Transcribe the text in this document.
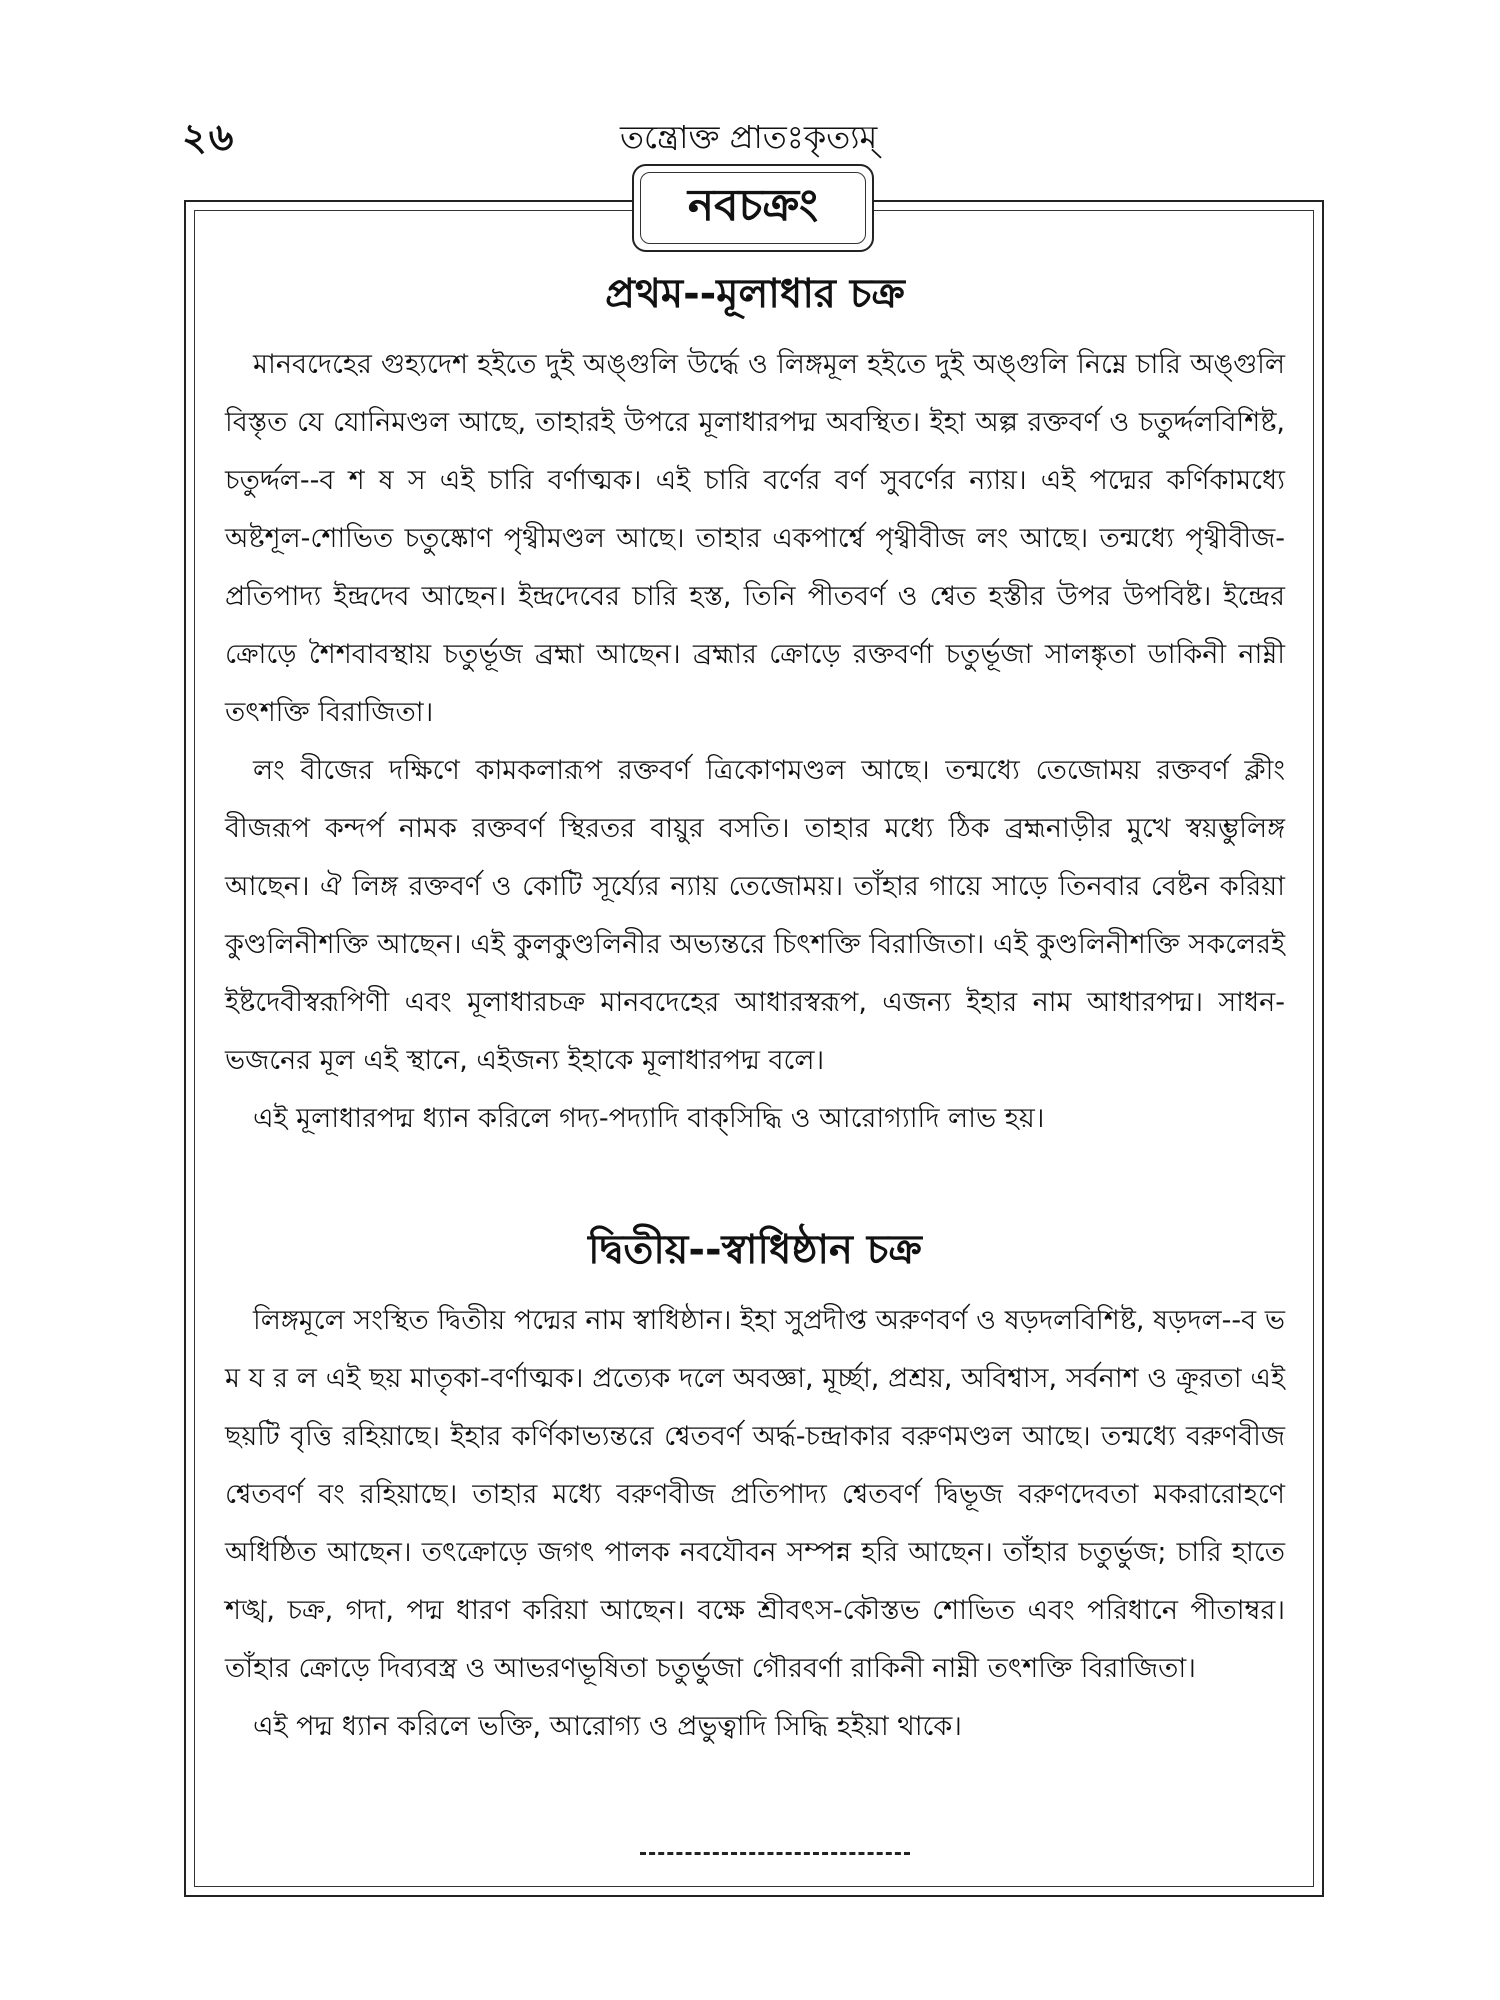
২৬	তন্ত্রোক্ত প্রাতঃকৃত্যম্
নবচক্রং
প্রথম--মূলাধার চক্র

মানবদেহের গুহ্যদেশ হইতে দুই অঙ্গুলি উর্দ্ধে ও লিঙ্গমূল হইতে দুই অঙ্গুলি নিম্নে চারি অঙ্গুলি বিস্তৃত যে যোনিমণ্ডল আছে, তাহারই উপরে মূলাধারপদ্ম অবস্থিত। ইহা অল্প রক্তবর্ণ ও চতুর্দ্দলবিশিষ্ট, চতুর্দ্দল--ব শ ষ স এই চারি বর্ণাত্মক। এই চারি বর্ণের বর্ণ সুবর্ণের ন্যায়। এই পদ্মের কর্ণিকামধ্যে অষ্টশূল-শোভিত চতুষ্কোণ পৃথ্বীমণ্ডল আছে। তাহার একপার্শ্বে পৃথ্বীবীজ লং আছে। তন্মধ্যে পৃথ্বীবীজ-প্রতিপাদ্য ইন্দ্রদেব আছেন। ইন্দ্রদেবের চারি হস্ত, তিনি পীতবর্ণ ও শ্বেত হস্তীর উপর উপবিষ্ট। ইন্দ্রের ক্রোড়ে শৈশবাবস্থায় চতুর্ভূজ ব্রহ্মা আছেন। ব্রহ্মার ক্রোড়ে রক্তবর্ণা চতুর্ভূজা সালঙ্কৃতা ডাকিনী নাম্নী তৎশক্তি বিরাজিতা।

লং বীজের দক্ষিণে কামকলারূপ রক্তবর্ণ ত্রিকোণমণ্ডল আছে। তন্মধ্যে তেজোময় রক্তবর্ণ ক্লীং বীজরূপ কন্দর্প নামক রক্তবর্ণ স্থিরতর বায়ুর বসতি। তাহার মধ্যে ঠিক ব্রহ্মনাড়ীর মুখে স্বয়ম্ভুলিঙ্গ আছেন। ঐ লিঙ্গ রক্তবর্ণ ও কোটি সূর্য্যের ন্যায় তেজোময়। তাঁহার গায়ে সাড়ে তিনবার বেষ্টন করিয়া কুণ্ডলিনীশক্তি আছেন। এই কুলকুণ্ডলিনীর অভ্যন্তরে চিৎশক্তি বিরাজিতা। এই কুণ্ডলিনীশক্তি সকলেরই ইষ্টদেবীস্বরূপিণী এবং মূলাধারচক্র মানবদেহের আধারস্বরূপ, এজন্য ইহার নাম আধারপদ্ম। সাধন-ভজনের মূল এই স্থানে, এইজন্য ইহাকে মূলাধারপদ্ম বলে।

এই মূলাধারপদ্ম ধ্যান করিলে গদ্য-পদ্যাদি বাক্‌সিদ্ধি ও আরোগ্যাদি লাভ হয়।

দ্বিতীয়--স্বাধিষ্ঠান চক্র

লিঙ্গমূলে সংস্থিত দ্বিতীয় পদ্মের নাম স্বাধিষ্ঠান। ইহা সুপ্রদীপ্ত অরুণবর্ণ ও ষড়দলবিশিষ্ট, ষড়দল--ব ভ ম য র ল এই ছয় মাতৃকা-বর্ণাত্মক। প্রত্যেক দলে অবজ্ঞা, মূর্চ্ছা, প্রশ্রয়, অবিশ্বাস, সর্বনাশ ও ক্রূরতা এই ছয়টি বৃত্তি রহিয়াছে। ইহার কর্ণিকাভ্যন্তরে শ্বেতবর্ণ অর্দ্ধ-চন্দ্রাকার বরুণমণ্ডল আছে। তন্মধ্যে বরুণবীজ শ্বেতবর্ণ বং রহিয়াছে। তাহার মধ্যে বরুণবীজ প্রতিপাদ্য শ্বেতবর্ণ দ্বিভূজ বরুণদেবতা মকরারোহণে অধিষ্ঠিত আছেন। তৎক্রোড়ে জগৎ পালক নবযৌবন সম্পন্ন হরি আছেন। তাঁহার চতুর্ভুজ; চারি হাতে শঙ্খ, চক্র, গদা, পদ্ম ধারণ করিয়া আছেন। বক্ষে শ্রীবৎস-কৌস্তভ শোভিত এবং পরিধানে পীতাম্বর। তাঁহার ক্রোড়ে দিব্যবস্ত্র ও আভরণভূষিতা চতুর্ভুজা গৌরবর্ণা রাকিনী নাম্নী তৎশক্তি বিরাজিতা।

এই পদ্ম ধ্যান করিলে ভক্তি, আরোগ্য ও প্রভুত্বাদি সিদ্ধি হইয়া থাকে।
